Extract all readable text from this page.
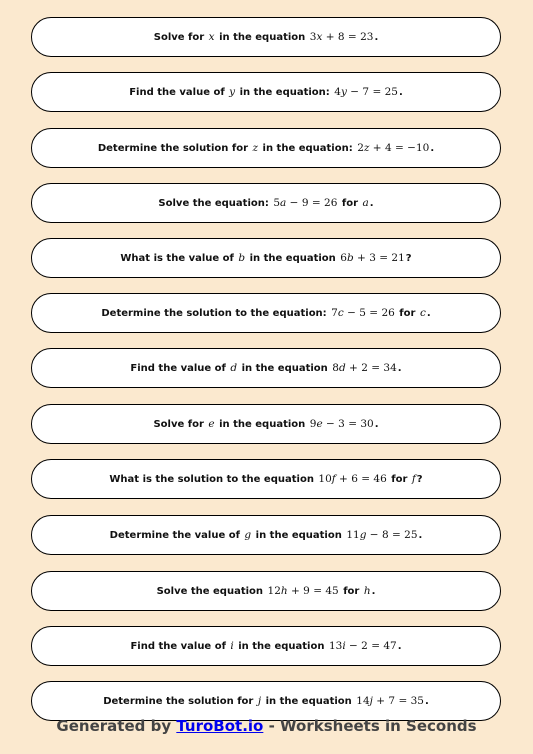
Solve for x in the equation 3x + 8 = 23 .
Find the value of y in the equation: 4y − 7 = 25 .
Determine the solution for z in the equation: 2z + 4 = −10 .
Solve the equation: 5a − 9 = 26 for a .
What is the value of b in the equation 6b + 3 = 21 ?
Determine the solution to the equation: 7c − 5 = 26 for c .
Find the value of d in the equation 8d + 2 = 34 .
Solve for e in the equation 9e − 3 = 30 .
What is the solution to the equation 10f + 6 = 46 for f ?
Determine the value of g in the equation 11g − 8 = 25 .
Solve the equation 12h + 9 = 45 for h .
Find the value of i in the equation 13i − 2 = 47 .
Determine the solution for j in the equation 14j + 7 = 35 .
Generated by TuroBot.io - Worksheets in Seconds
